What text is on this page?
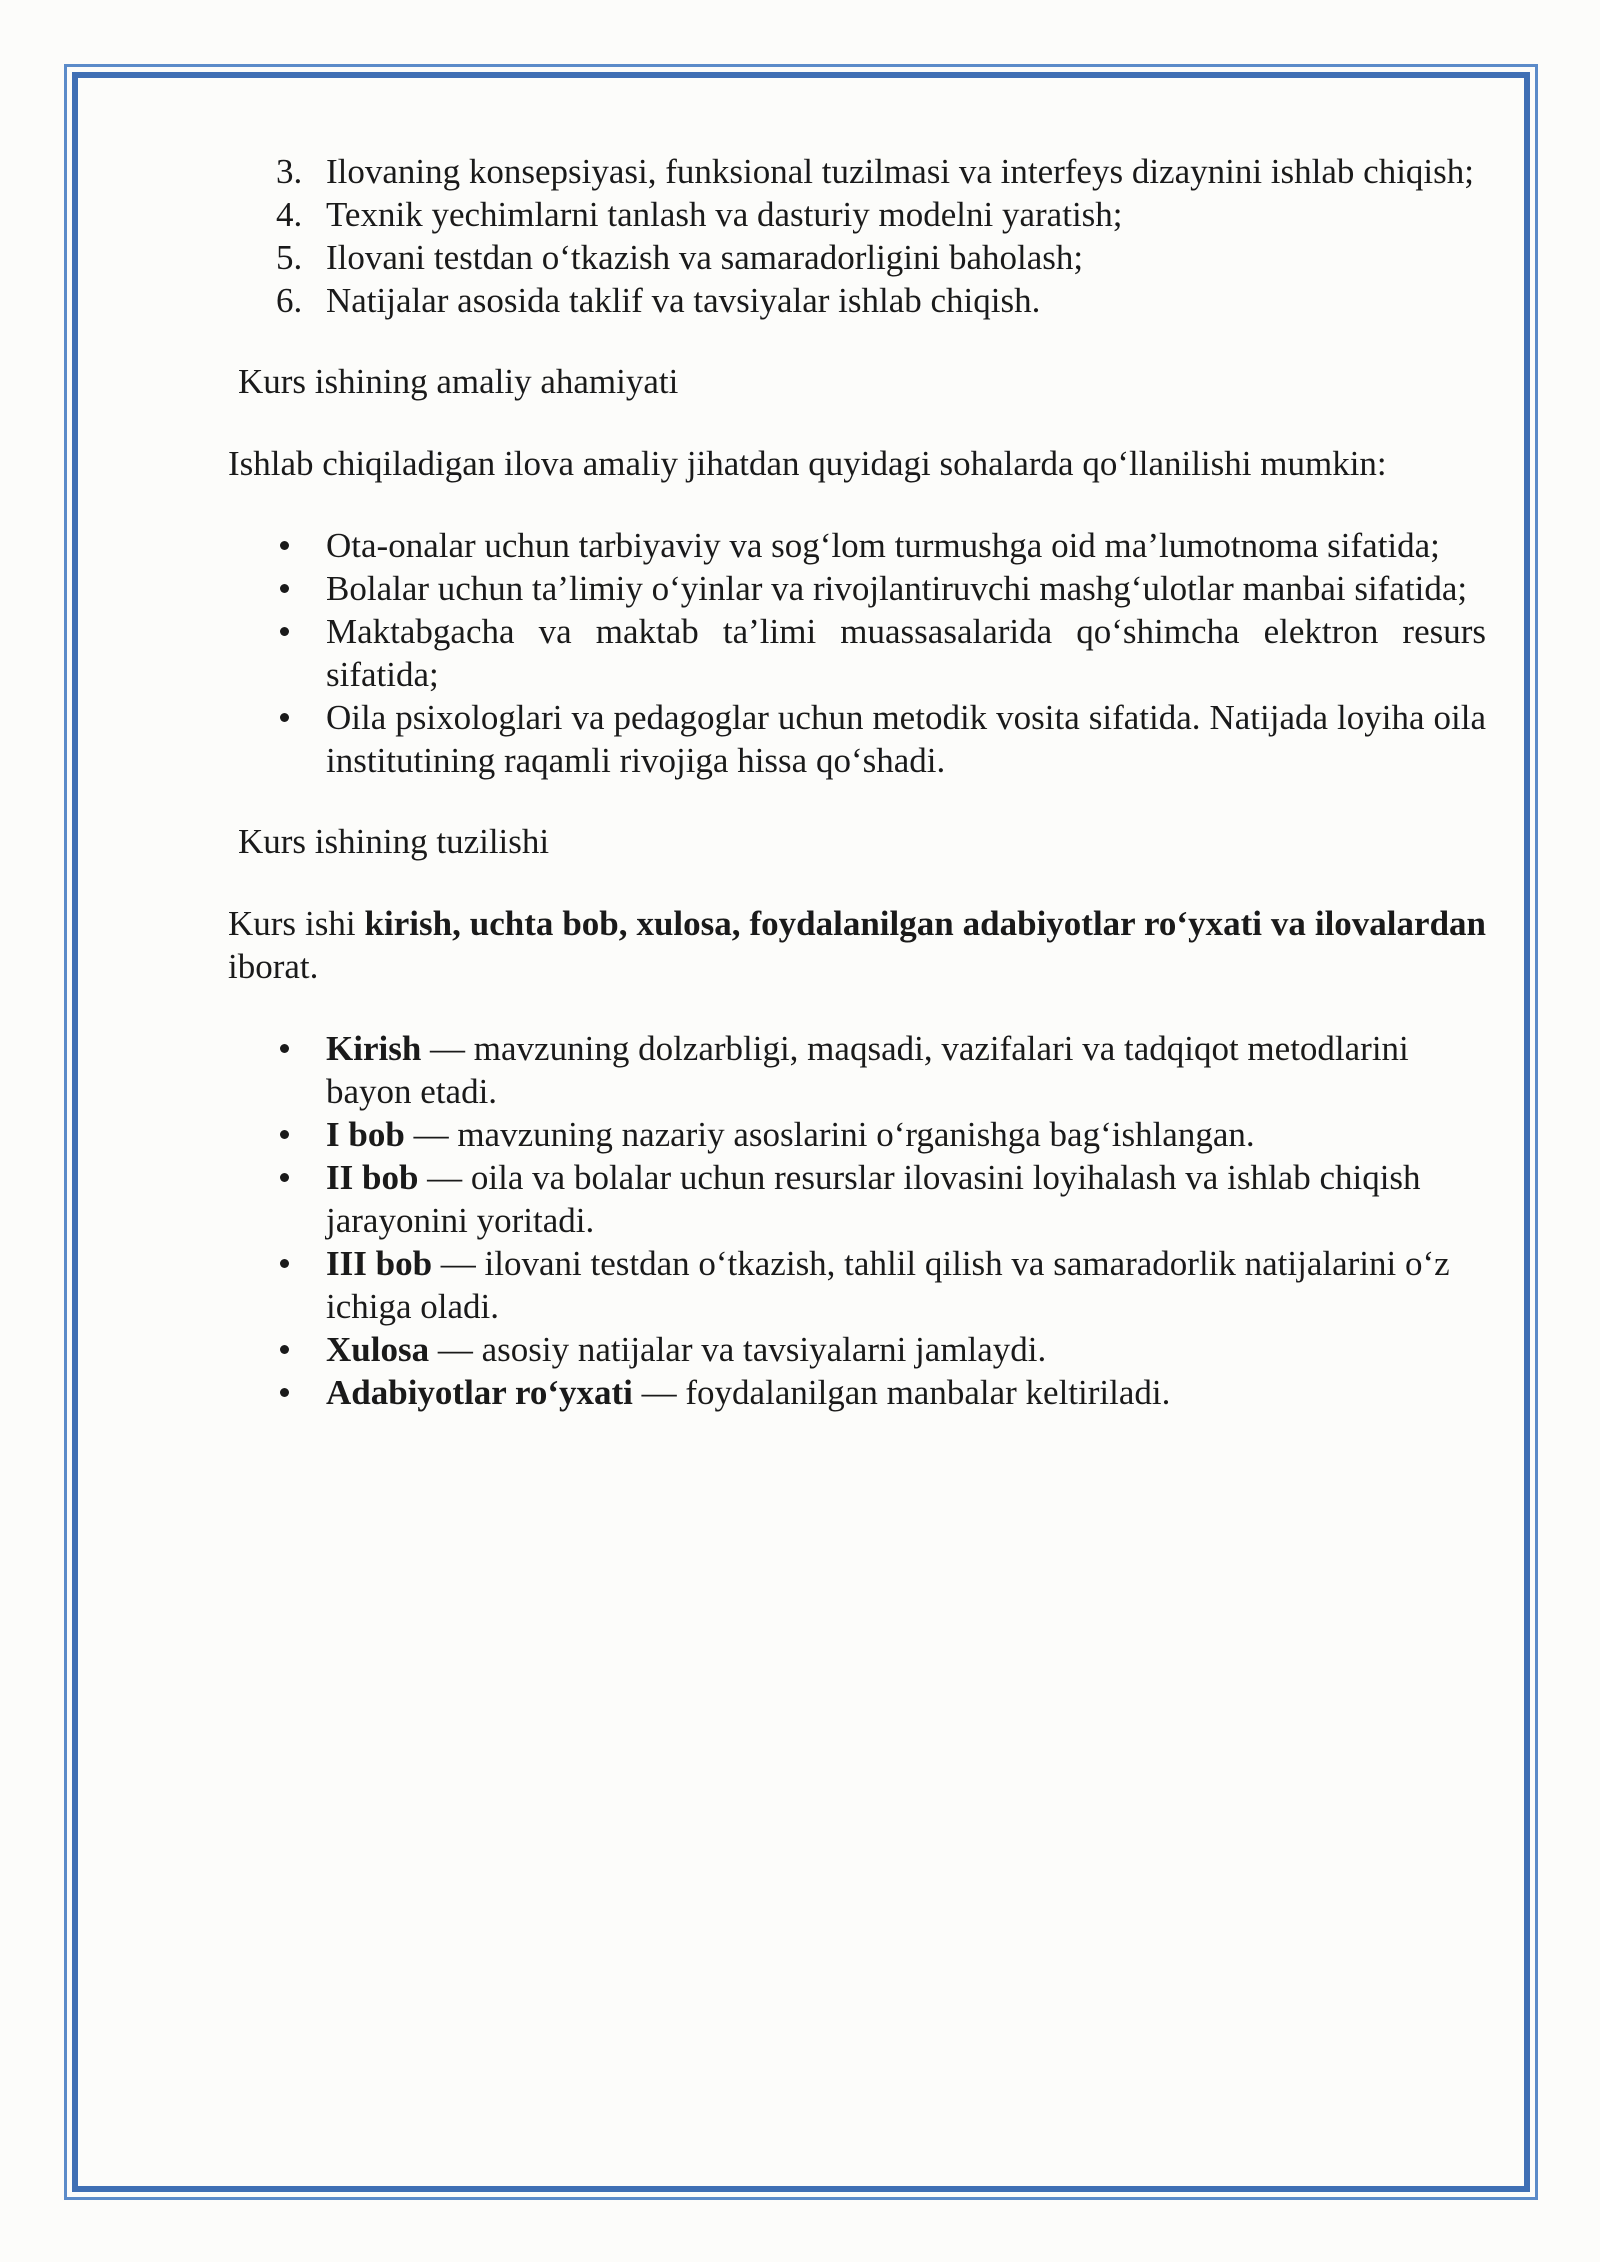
3. Ilovaning konsepsiyasi, funksional tuzilmasi va interfeys dizaynini ishlab chiqish;
4. Texnik yechimlarni tanlash va dasturiy modelni yaratish;
5. Ilovani testdan o‘tkazish va samaradorligini baholash;
6. Natijalar asosida taklif va tavsiyalar ishlab chiqish.
Kurs ishining amaliy ahamiyati
Ishlab chiqiladigan ilova amaliy jihatdan quyidagi sohalarda qo‘llanilishi mumkin:
Ota-onalar uchun tarbiyaviy va sog‘lom turmushga oid ma’lumotnoma sifatida;
Bolalar uchun ta’limiy o‘yinlar va rivojlantiruvchi mashg‘ulotlar manbai sifatida;
Maktabgacha va maktab ta’limi muassasalarida qo‘shimcha elektron resurs sifatida;
Oila psixologlari va pedagoglar uchun metodik vosita sifatida. Natijada loyiha oila institutining raqamli rivojiga hissa qo‘shadi.
Kurs ishining tuzilishi
Kurs ishi kirish, uchta bob, xulosa, foydalanilgan adabiyotlar ro‘yxati va ilovalardan iborat.
Kirish — mavzuning dolzarbligi, maqsadi, vazifalari va tadqiqot metodlarini bayon etadi.
I bob — mavzuning nazariy asoslarini o‘rganishga bag‘ishlangan.
II bob — oila va bolalar uchun resurslar ilovasini loyihalash va ishlab chiqish jarayonini yoritadi.
III bob — ilovani testdan o‘tkazish, tahlil qilish va samaradorlik natijalarini o‘z ichiga oladi.
Xulosa — asosiy natijalar va tavsiyalarni jamlaydi.
Adabiyotlar ro‘yxati — foydalanilgan manbalar keltiriladi.
